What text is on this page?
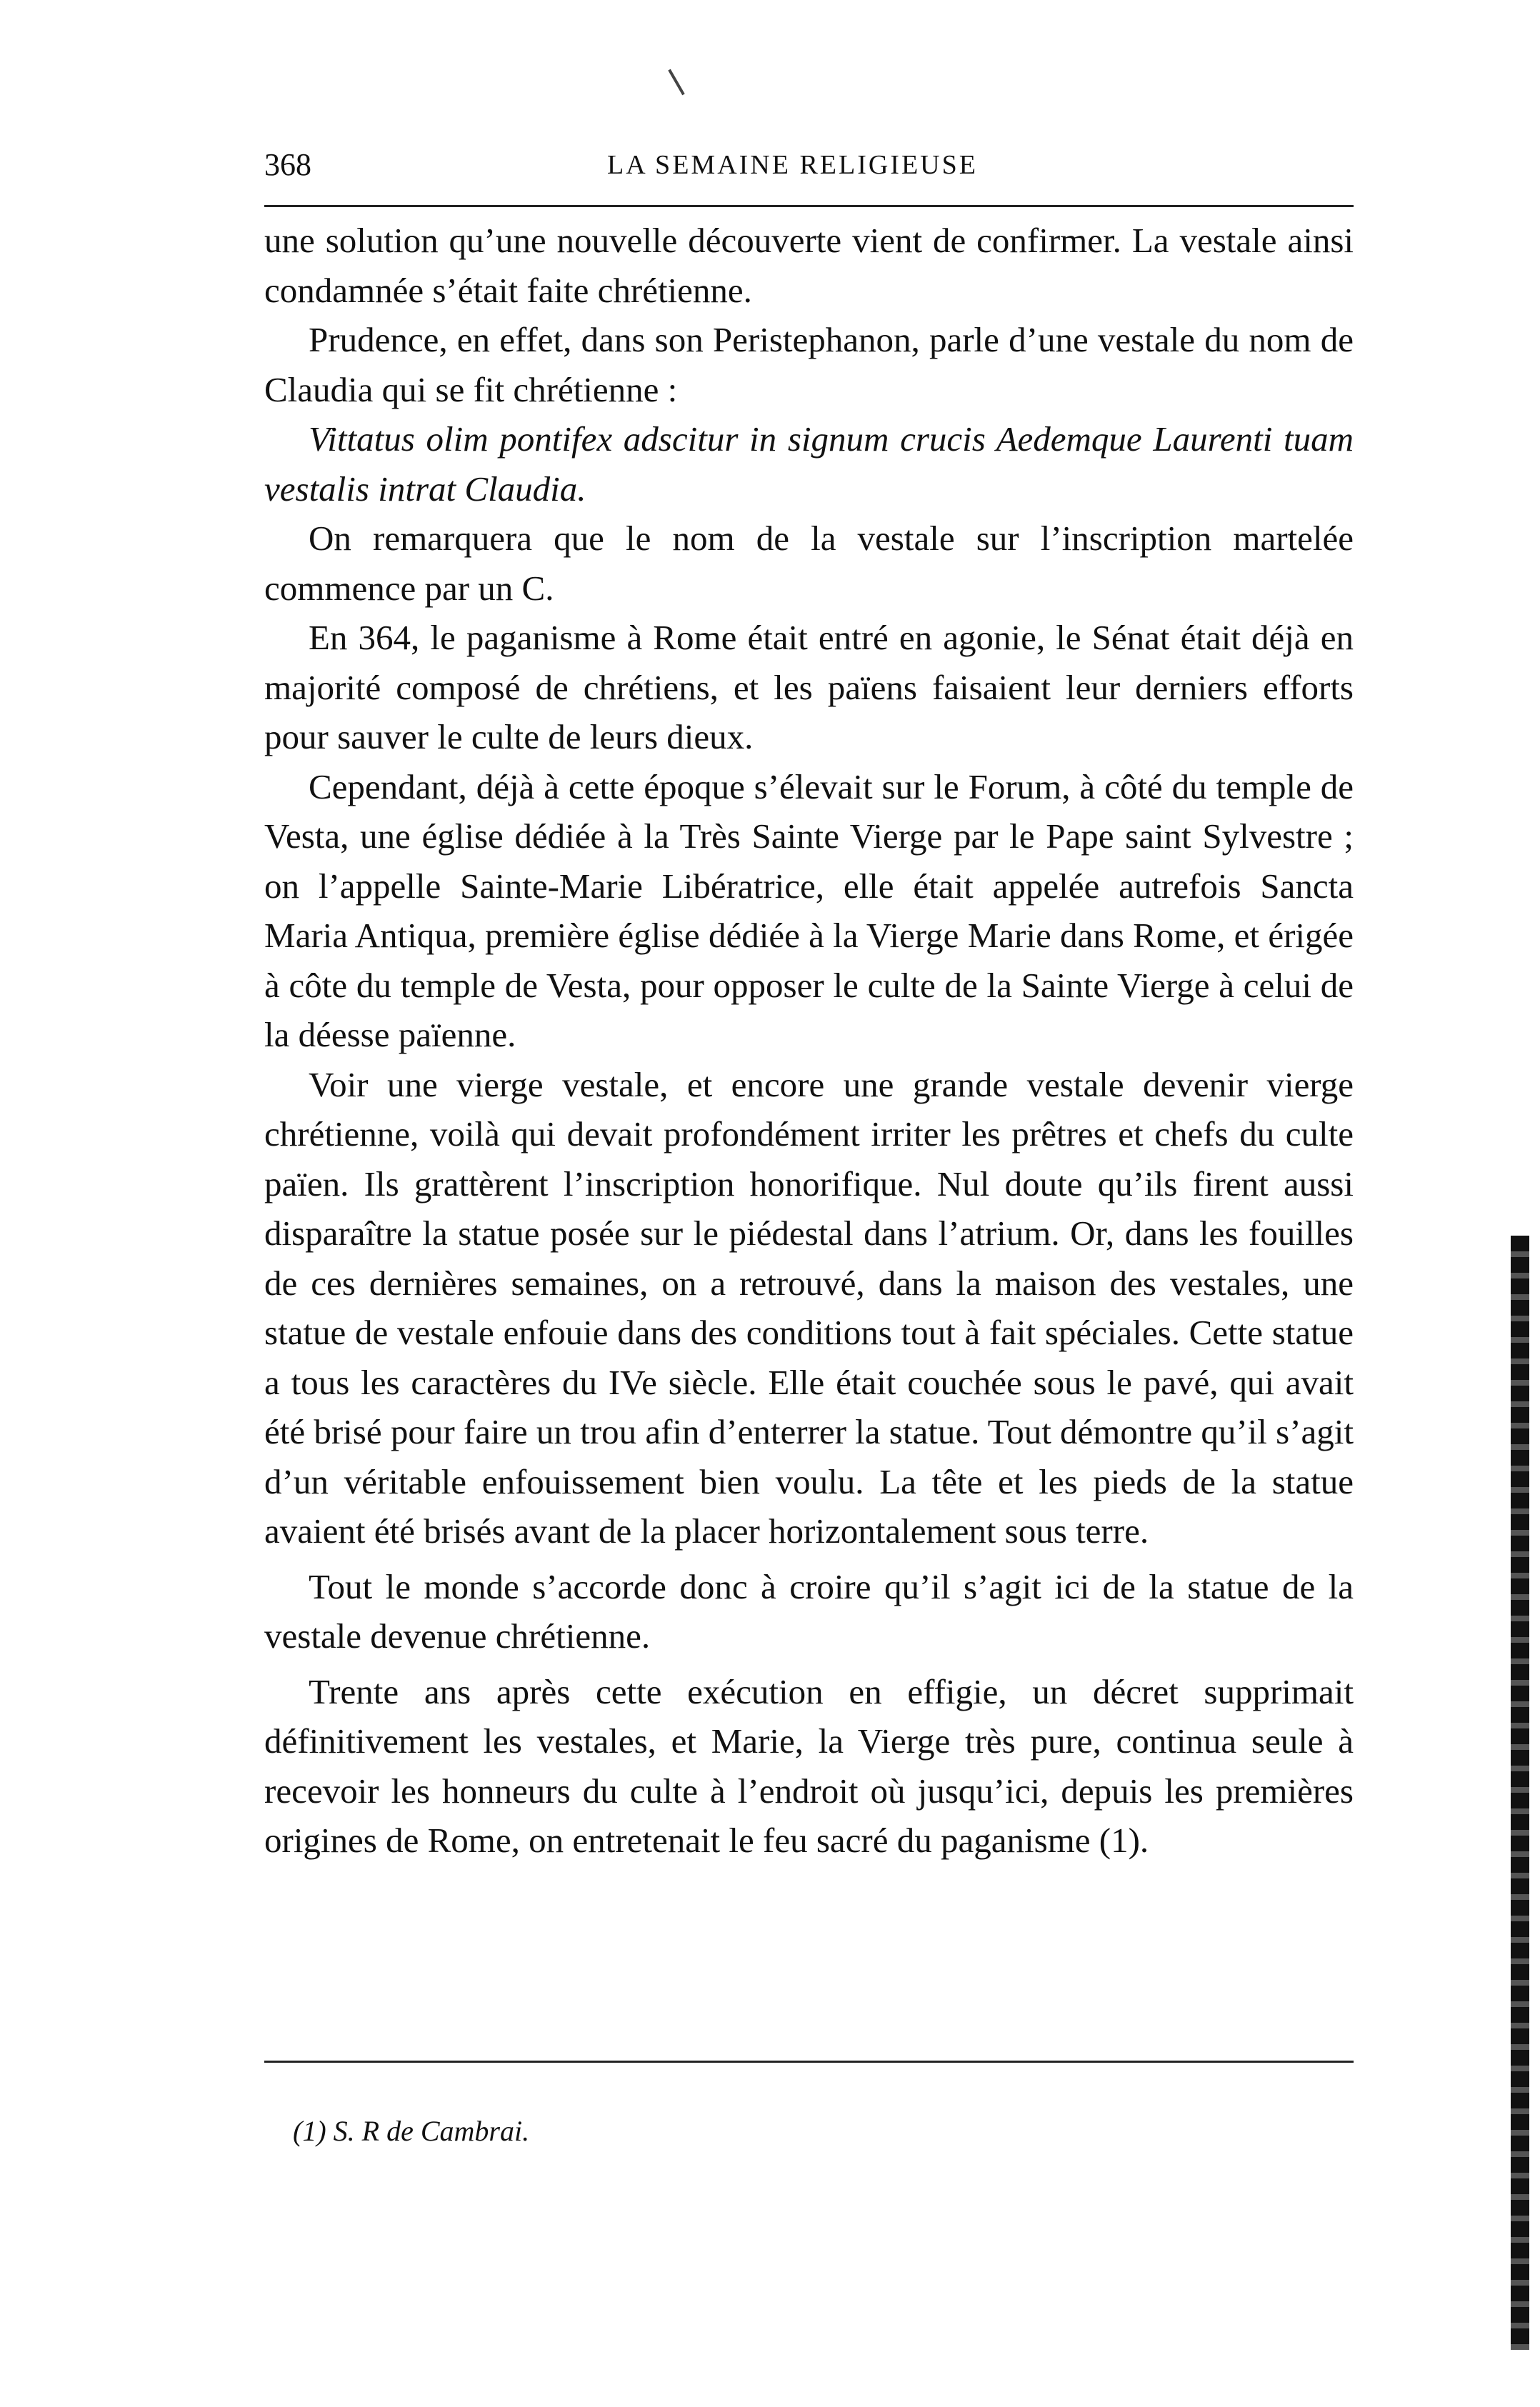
368	LA SEMAINE RELIGIEUSE

une solution qu’une nouvelle découverte vient de confirmer. La vestale ainsi condamnée s’était faite chrétienne.

Prudence, en effet, dans son Peristephanon, parle d’une vestale du nom de Claudia qui se fit chrétienne :

Vittatus olim pontifex adscitur in signum crucis Aedemque Laurenti tuam vestalis intrat Claudia.

On remarquera que le nom de la vestale sur l’inscription martelée commence par un C.

En 364, le paganisme à Rome était entré en agonie, le Sénat était déjà en majorité composé de chrétiens, et les païens faisaient leur derniers efforts pour sauver le culte de leurs dieux.

Cependant, déjà à cette époque s’élevait sur le Forum, à côté du temple de Vesta, une église dédiée à la Très Sainte Vierge par le Pape saint Sylvestre ; on l’appelle Sainte-Marie Libératrice, elle était appelée autrefois Sancta Maria Antiqua, première église dédiée à la Vierge Marie dans Rome, et érigée à côte du temple de Vesta, pour opposer le culte de la Sainte Vierge à celui de la déesse païenne.

Voir une vierge vestale, et encore une grande vestale devenir vierge chrétienne, voilà qui devait profondément irriter les prêtres et chefs du culte païen. Ils grattèrent l’inscription honorifique. Nul doute qu’ils firent aussi disparaître la statue posée sur le piédestal dans l’atrium. Or, dans les fouilles de ces dernières semaines, on a retrouvé, dans la maison des vestales, une statue de vestale enfouie dans des conditions tout à fait spéciales. Cette statue a tous les caractères du IVe siècle. Elle était couchée sous le pavé, qui avait été brisé pour faire un trou afin d’enterrer la statue. Tout démontre qu’il s’agit d’un véritable enfouissement bien voulu. La tête et les pieds de la statue avaient été brisés avant de la placer horizontalement sous terre.

Tout le monde s’accorde donc à croire qu’il s’agit ici de la statue de la vestale devenue chrétienne.

Trente ans après cette exécution en effigie, un décret supprimait définitivement les vestales, et Marie, la Vierge très pure, continua seule à recevoir les honneurs du culte à l’endroit où jusqu’ici, depuis les premières origines de Rome, on entretenait le feu sacré du paganisme (1).

(1) S. R de Cambrai.
